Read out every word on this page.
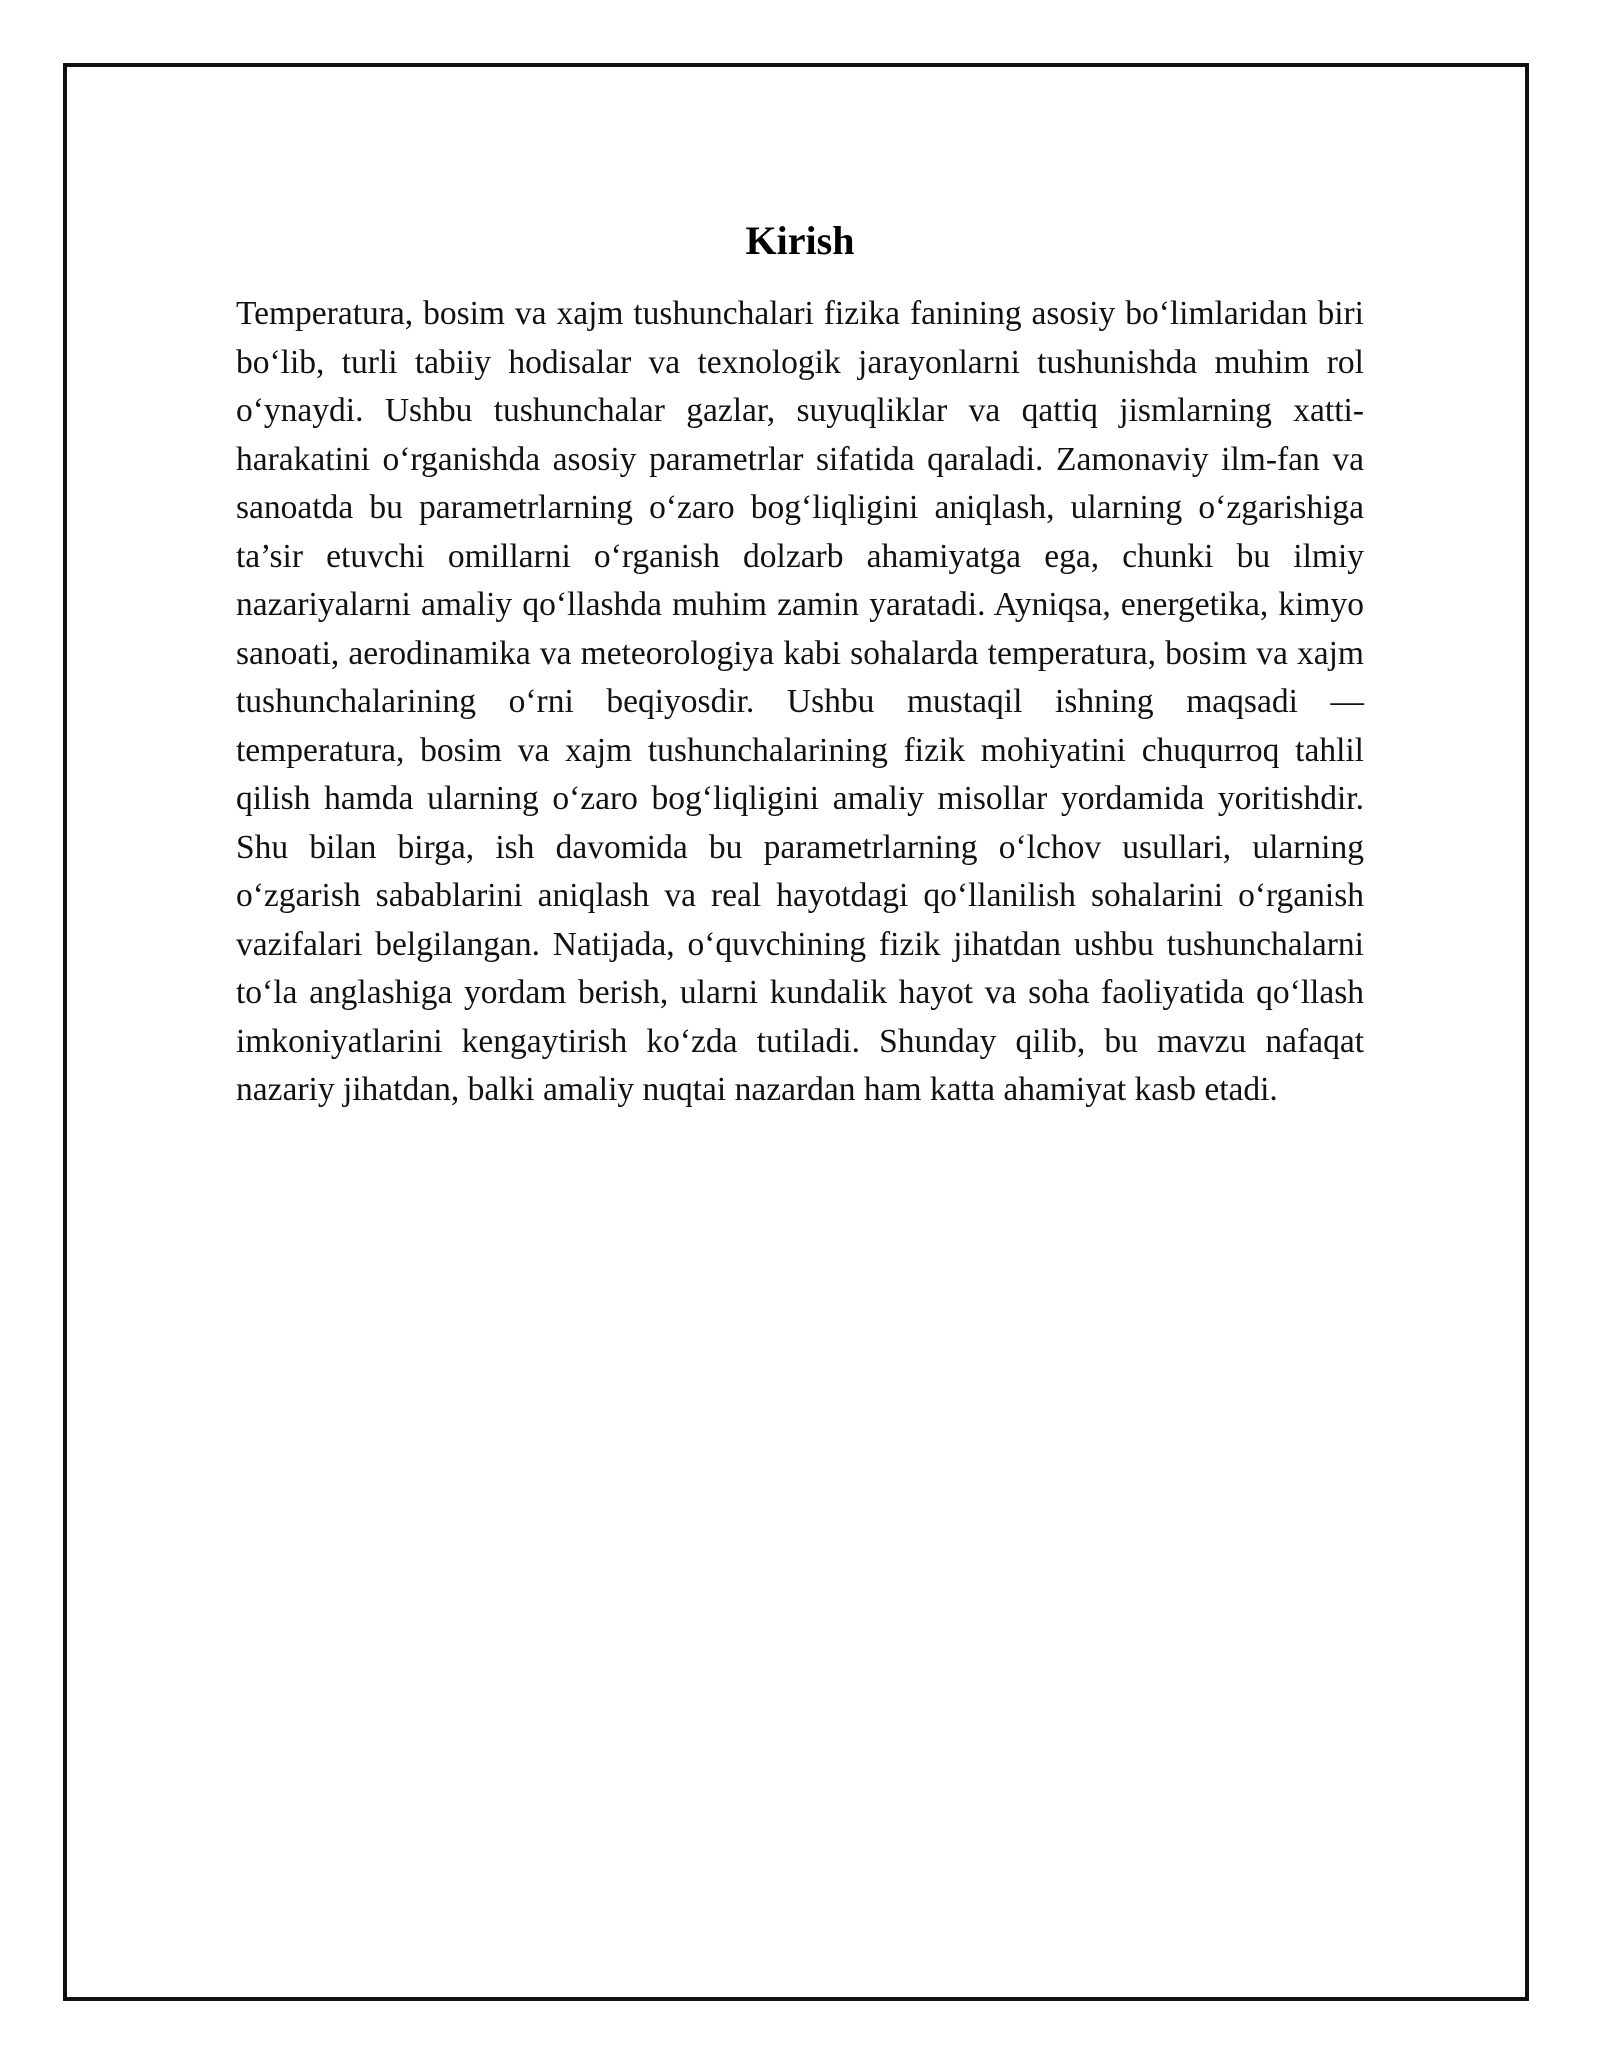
Kirish

Temperatura, bosim va xajm tushunchalari fizika fanining asosiy bo‘limlaridan biri bo‘lib, turli tabiiy hodisalar va texnologik jarayonlarni tushunishda muhim rol o‘ynaydi. Ushbu tushunchalar gazlar, suyuqliklar va qattiq jismlarning xatti-harakatini o‘rganishda asosiy parametrlar sifatida qaraladi. Zamonaviy ilm-fan va sanoatda bu parametrlarning o‘zaro bog‘liqligini aniqlash, ularning o‘zgarishiga ta’sir etuvchi omillarni o‘rganish dolzarb ahamiyatga ega, chunki bu ilmiy nazariyalarni amaliy qo‘llashda muhim zamin yaratadi. Ayniqsa, energetika, kimyo sanoati, aerodinamika va meteorologiya kabi sohalarda temperatura, bosim va xajm tushunchalarining o‘rni beqiyosdir. Ushbu mustaqil ishning maqsadi — temperatura, bosim va xajm tushunchalarining fizik mohiyatini chuqurroq tahlil qilish hamda ularning o‘zaro bog‘liqligini amaliy misollar yordamida yoritishdir. Shu bilan birga, ish davomida bu parametrlarning o‘lchov usullari, ularning o‘zgarish sabablarini aniqlash va real hayotdagi qo‘llanilish sohalarini o‘rganish vazifalari belgilangan. Natijada, o‘quvchining fizik jihatdan ushbu tushunchalarni to‘la anglashiga yordam berish, ularni kundalik hayot va soha faoliyatida qo‘llash imkoniyatlarini kengaytirish ko‘zda tutiladi. Shunday qilib, bu mavzu nafaqat nazariy jihatdan, balki amaliy nuqtai nazardan ham katta ahamiyat kasb etadi.
